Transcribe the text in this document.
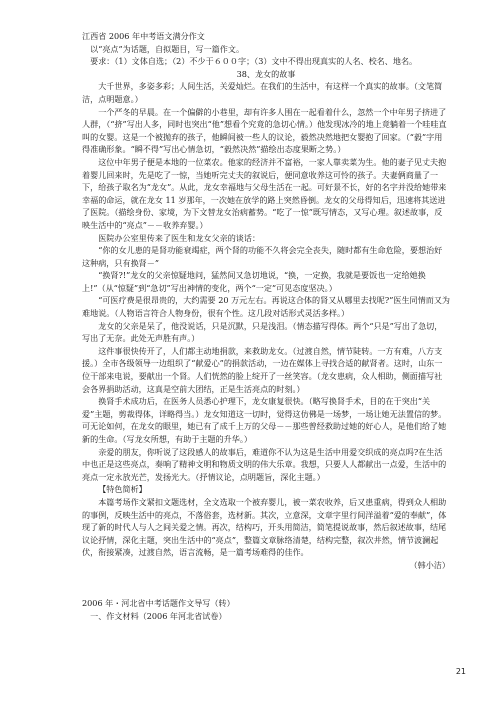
江西省 2006 年中考语文满分作文

以“亮点”为话题，自拟题目，写一篇作文。

要求：（1）文体自选；（2）不少于６００字；（3）文中不得出现真实的人名、校名、地名。

38、龙女的故事

大千世界，多姿多彩；人间生活，关爱灿烂。在我们的生活中，有这样一个真实的故事。（文笔简洁，点明题意。）

一个严冬的早晨。在一个偏僻的小巷里，却有许多人围在一起看着什么，忽然一个中年男子挤进了人群，（“挤”写出人多，同时也突出“他”想看个究竟的急切心情。）他发现冰冷的地上竟躺着一个哇哇直叫的女婴。这是一个被抛弃的孩子，他瞬间被一些人的议论，毅然决然地把女婴抱了回家。（“毅”字用得准确形象。“瞬不得”写出心情急切，“毅然决然”描绘出态度果断之势。）

这位中年男子便是本地的一位菜农。他家的经济并不富裕，一家人靠卖菜为生。他的妻子见丈夫抱着婴儿回来时，先是吃了一惊，当她听完丈夫的叙说后，便同意收养这可怜的孩子。夫妻俩商量了一下，给孩子取名为“龙女”。从此，龙女幸福地与父母生活在一起。可好景不长，好的名字并没给她带来幸福的命运，就在龙女 11 岁那年，一次她在放学的路上突然昏倒。龙女的父母得知后，迅速将其送进了医院。（描绘身份、家境，为下文替龙女治病蓄势。“吃了一惊”既写情态，又写心理。叙述故事，反映生活中的“亮点”－－收养弃婴。）

医院办公室里传来了医生和龙女父亲的谈话：

“你的女儿患的是肾功能衰竭症，两个肾的功能不久将会完全丧失，随时都有生命危险，要想治好这种病，只有换肾－”

“换肾?!”龙女的父亲惊疑地问，猛然间又急切地说，“换，一定换，我就是要饭也一定给她换上!”（从“惊疑”到“急切”写出神情的变化，两个“一定”可见态度坚决。）

“可医疗费是很昂贵的，大约需要 20 万元左右。再说这合体的肾又从哪里去找呢?”医生同情而又为难地说。（人物语言符合人物身份，很有个性。这几段对话形式灵活多样。）

龙女的父亲是呆了，他没说话，只是沉默，只是浅泪。（情态描写得体。两个“只是”写出了急切，写出了无奈。此处无声胜有声。）

这件事很快传开了，人们都主动地捐款，来救助龙女。（过渡自然，情节陡转。一方有难，八方支援。）全市各级领导一边组织了“献爱心”的捐款活动，一边在媒体上寻找合适的献肾者。这时，山东一位干部来电说，要献出一个肾。人们恍然的脸上绽开了一丝笑容。（龙女患病，众人相助，侧面描写社会各界捐助活动，这真是空前大团结，正是生活亮点的时刻。）

换肾手术成功后，在医务人员悉心护理下，龙女康复很快。（略写换肾手术，目的在于突出“关爱”主题，剪裁得体，详略得当。）龙女知道这一切时，觉得这仿佛是一场梦，一场让她无法置信的梦。可无论如何，在龙女的眼里，她已有了成千上万的父母－－那些曾经救助过她的好心人，是他们给了她新的生命。（写龙女所想，有助于主题的升华。）

亲爱的朋友，你听说了这段感人的故事后，难道你不认为这是生活中用爱交织成的亮点吗?在生活中也正是这些亮点，奏响了精神文明和物质文明的伟大乐章。我想，只要人人都献出一点爱，生活中的亮点一定永放光芒，发扬光大。（抒情议论，点明题旨，深化主题。）

【特色简析】

本篇考场作文紧扣文题选材，全文选取一个被弃婴儿，被一菜农收养，后又患重病，得到众人相助的事例，反映生活中的亮点，不落俗套，选材新。其次，立意深，文章字里行间洋溢着“爱的奉献”，体现了新的时代人与人之间关爱之情。再次，结构巧，开头用简洁，简笔提说故事，然后叙述故事，结尾议论抒情，深化主题，突出生活中的“亮点”，整篇文章脉络清楚，结构完整，叙次井然，情节波澜起伏，衔接紧凑，过渡自然，语言流畅，是一篇考场难得的佳作。

（韩小洁）

2006 年・河北省中考话题作文导写（转）

一、作文材料（2006 年河北省试卷）

21
